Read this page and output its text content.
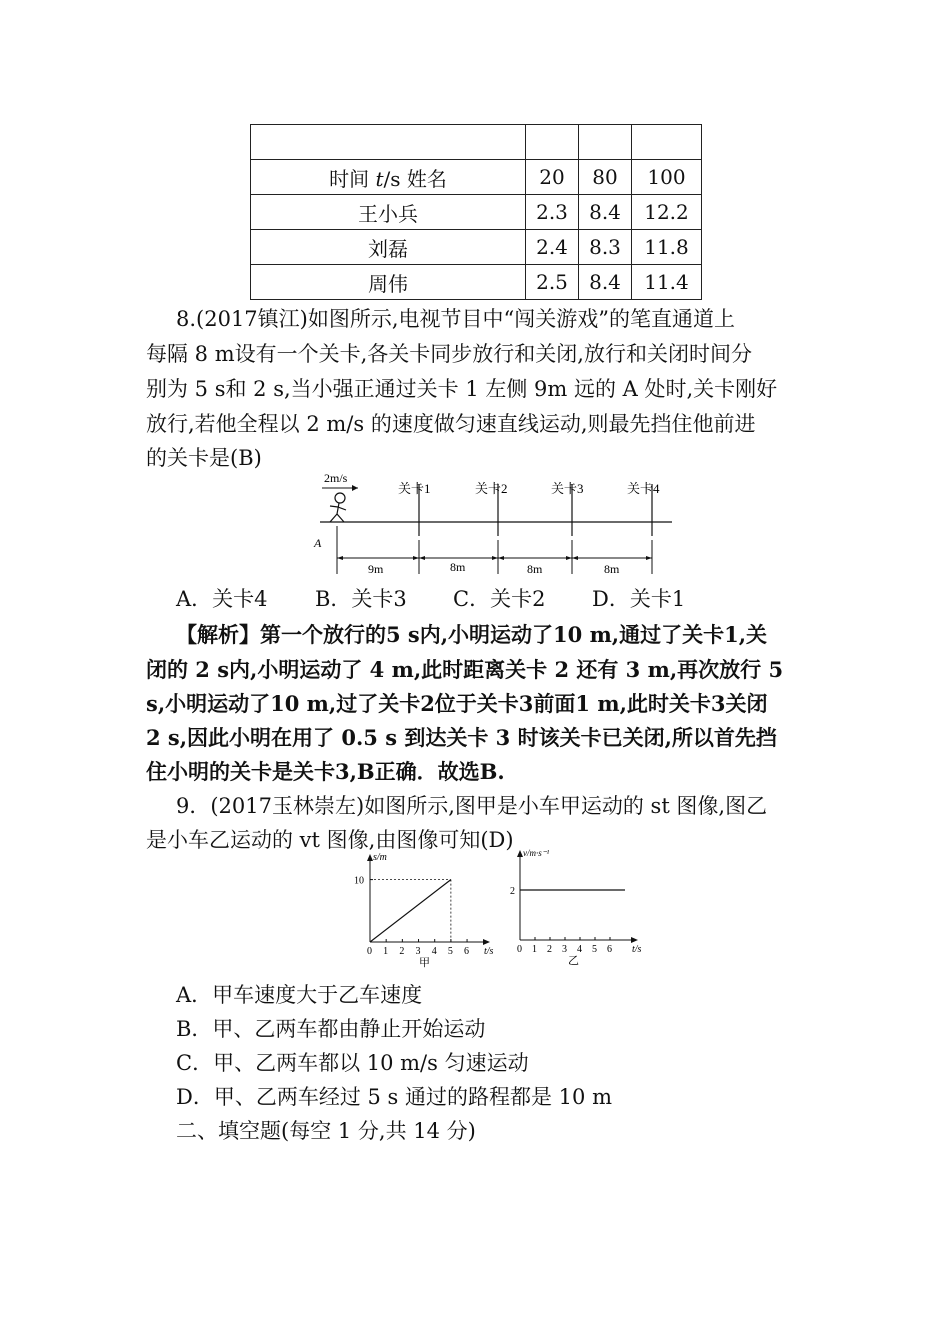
时间 t/s 姓名	20	80	100
王小兵	2.3	8.4	12.2
刘磊	2.4	8.3	11.8
周伟	2.5	8.4	11.4
8.(2017镇江)如图所示,电视节目中“闯关游戏”的笔直通道上
每隔 8 m设有一个关卡,各关卡同步放行和关闭,放行和关闭时间分
别为 5 s和 2 s,当小强正通过关卡 1 左侧 9m 远的 A 处时,关卡刚好
放行,若他全程以 2 m/s 的速度做匀速直线运动,则最先挡住他前进
的关卡是(B)
2m/s
A
关卡1	关卡2	关卡3	关卡4
9m	8m	8m	8m
A．关卡4 B．关卡3 C．关卡2 D．关卡1
【解析】第一个放行的5 s内,小明运动了10 m,通过了关卡1,关
闭的 2 s内,小明运动了 4 m,此时距离关卡 2 还有 3 m,再次放行 5
s,小明运动了10 m,过了关卡2位于关卡3前面1 m,此时关卡3关闭
2 s,因此小明在用了 0.5 s 到达关卡 3 时该关卡已关闭,所以首先挡
住小明的关卡是关卡3,B正确．故选B.
9．(2017玉林崇左)如图所示,图甲是小车甲运动的 st 图像,图乙
是小车乙运动的 vt 图像,由图像可知(D)
0 1 2 3 4 5 6
10
s/m
t/s
甲
0 1 2 3 4 5 6
2
v/m·s⁻¹
t/s
乙
A．甲车速度大于乙车速度
B．甲、乙两车都由静止开始运动
C．甲、乙两车都以 10 m/s 匀速运动
D．甲、乙两车经过 5 s 通过的路程都是 10 m
二、填空题(每空 1 分,共 14 分)
